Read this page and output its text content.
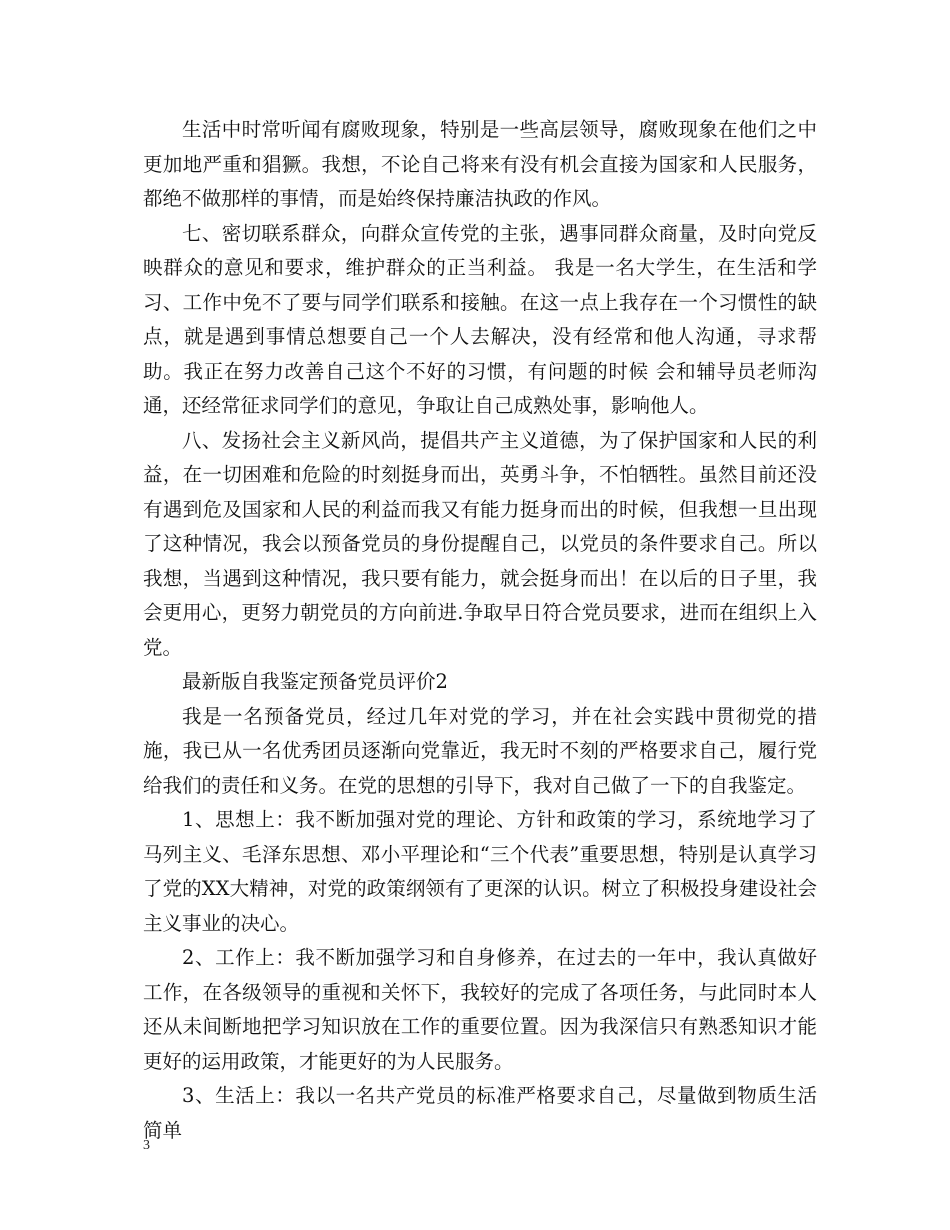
生活中时常听闻有腐败现象，特别是一些高层领导，腐败现象在他们之中更加地严重和猖獗。我想，不论自己将来有没有机会直接为国家和人民服务，都绝不做那样的事情，而是始终保持廉洁执政的作风。

七、密切联系群众，向群众宣传党的主张，遇事同群众商量，及时向党反映群众的意见和要求，维护群众的正当利益。 我是一名大学生，在生活和学习、工作中免不了要与同学们联系和接触。在这一点上我存在一个习惯性的缺点，就是遇到事情总想要自己一个人去解决，没有经常和他人沟通，寻求帮助。我正在努力改善自己这个不好的习惯，有问题的时候 会和辅导员老师沟通，还经常征求同学们的意见，争取让自己成熟处事，影响他人。

八、发扬社会主义新风尚，提倡共产主义道德，为了保护国家和人民的利益，在一切困难和危险的时刻挺身而出，英勇斗争，不怕牺牲。虽然目前还没有遇到危及国家和人民的利益而我又有能力挺身而出的时候，但我想一旦出现了这种情况，我会以预备党员的身份提醒自己，以党员的条件要求自己。所以我想，当遇到这种情况，我只要有能力，就会挺身而出！在以后的日子里，我会更用心，更努力朝党员的方向前进.争取早日符合党员要求，进而在组织上入党。

最新版自我鉴定预备党员评价2

我是一名预备党员，经过几年对党的学习，并在社会实践中贯彻党的措施，我已从一名优秀团员逐渐向党靠近，我无时不刻的严格要求自己，履行党给我们的责任和义务。在党的思想的引导下，我对自己做了一下的自我鉴定。

1、思想上：我不断加强对党的理论、方针和政策的学习，系统地学习了马列主义、毛泽东思想、邓小平理论和“三个代表”重要思想，特别是认真学习了党的XX大精神，对党的政策纲领有了更深的认识。树立了积极投身建设社会主义事业的决心。

2、工作上：我不断加强学习和自身修养，在过去的一年中，我认真做好工作，在各级领导的重视和关怀下，我较好的完成了各项任务，与此同时本人还从未间断地把学习知识放在工作的重要位置。因为我深信只有熟悉知识才能更好的运用政策，才能更好的为人民服务。

3、生活上：我以一名共产党员的标准严格要求自己，尽量做到物质生活简单

3
